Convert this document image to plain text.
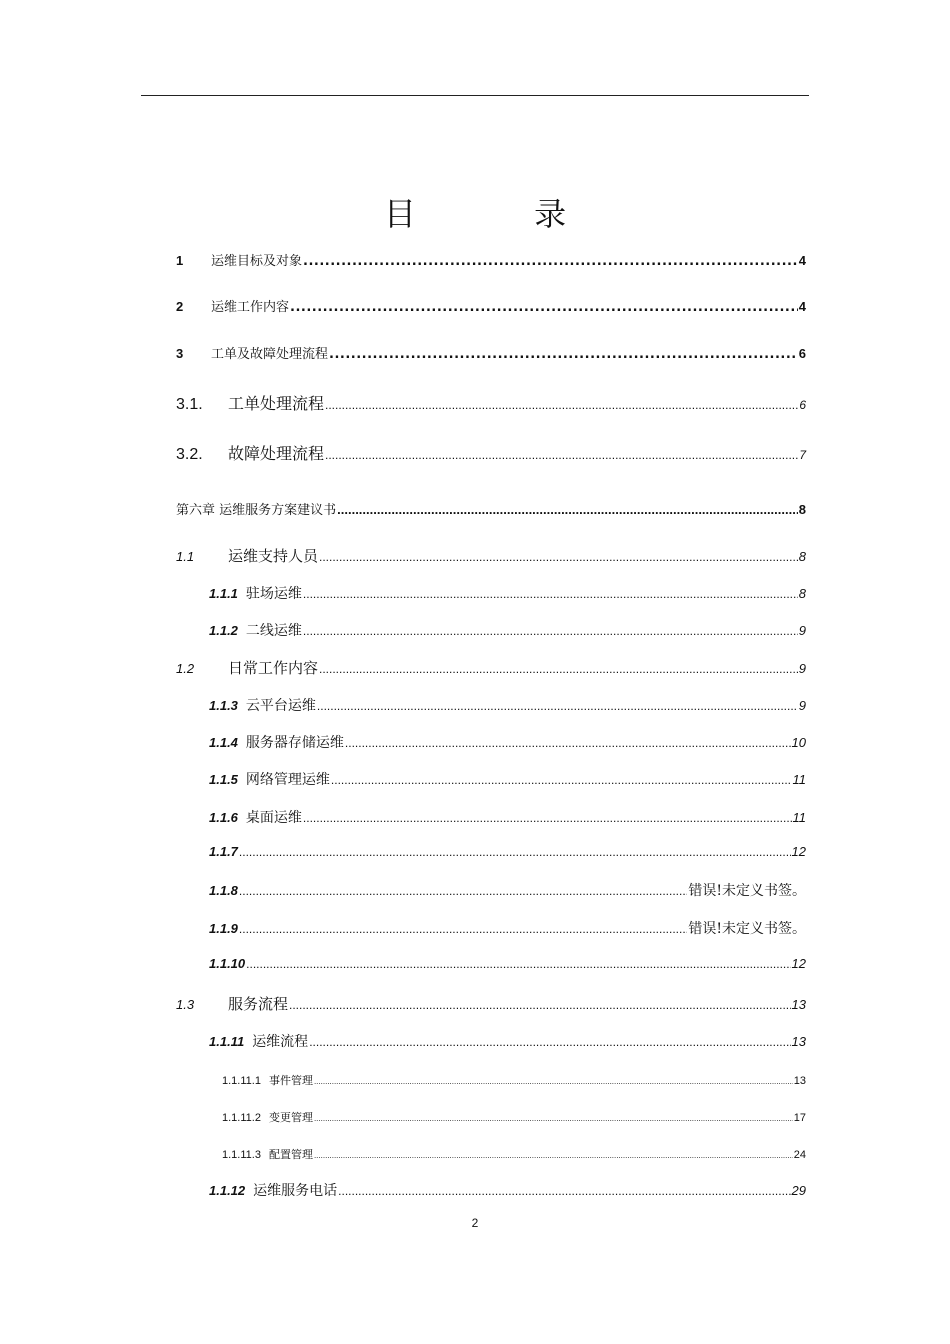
目 录
1	运维目标及对象 .....	4
2	运维工作内容 .....	4
3	工单及故障处理流程 .....	6
3.1.	工单处理流程 .....	6
3.2.	故障处理流程 .....	7
第六章 运维服务方案建议书 .....	8
1.1	运维支持人员 .....	8
1.1.1 驻场运维 .....	8
1.1.2 二线运维 .....	9
1.2	日常工作内容 .....	9
1.1.3 云平台运维 .....	9
1.1.4 服务器存储运维 .....	10
1.1.5 网络管理运维 .....	11
1.1.6 桌面运维 .....	11
1.1.7 .....	12
1.1.8 .....	错误!未定义书签。
1.1.9 .....	错误!未定义书签。
1.1.10 .....	12
1.3	服务流程 .....	13
1.1.11 运维流程 .....	13
1.1.11.1 事件管理 .....	13
1.1.11.2 变更管理 .....	17
1.1.11.3 配置管理 .....	24
1.1.12 运维服务电话 .....	29
2
